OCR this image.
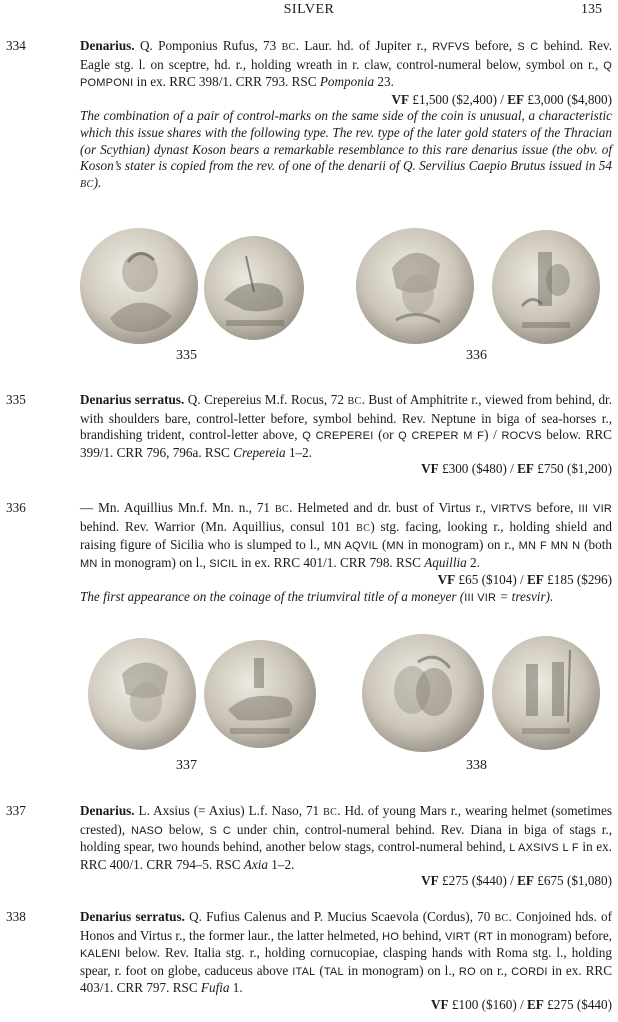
SILVER	135
334	Denarius. Q. Pomponius Rufus, 73 BC. Laur. hd. of Jupiter r., RVFVS before, S C behind. Rev. Eagle stg. l. on sceptre, hd. r., holding wreath in r. claw, control-numeral below, symbol on r., Q POMPONI in ex. RRC 398/1. CRR 793. RSC Pomponia 23.
VF £1,500 ($2,400) / EF £3,000 ($4,800)
The combination of a pair of control-marks on the same side of the coin is unusual, a characteristic which this issue shares with the following type. The rev. type of the later gold staters of the Thracian (or Scythian) dynast Koson bears a remarkable resemblance to this rare denarius issue (the obv. of Koson’s stater is copied from the rev. of one of the denarii of Q. Servilius Caepio Brutus issued in 54 BC).
335	336
335	Denarius serratus. Q. Crepereius M.f. Rocus, 72 BC. Bust of Amphitrite r., viewed from behind, dr. with shoulders bare, control-letter before, symbol behind. Rev. Neptune in biga of sea-horses r., brandishing trident, control-letter above, Q CREPEREI (or Q CREPER M F) / ROCVS below. RRC 399/1. CRR 796, 796a. RSC Crepereia 1–2.
VF £300 ($480) / EF £750 ($1,200)
336	— Mn. Aquillius Mn.f. Mn. n., 71 BC. Helmeted and dr. bust of Virtus r., VIRTVS before, III VIR behind. Rev. Warrior (Mn. Aquillius, consul 101 BC) stg. facing, looking r., holding shield and raising figure of Sicilia who is slumped to l., MN AQVIL (MN in monogram) on r., MN F MN N (both MN in monogram) on l., SICIL in ex. RRC 401/1. CRR 798. RSC Aquillia 2.
VF £65 ($104) / EF £185 ($296)
The first appearance on the coinage of the triumviral title of a moneyer (III VIR = tresvir).
337	338
337	Denarius. L. Axsius (= Axius) L.f. Naso, 71 BC. Hd. of young Mars r., wearing helmet (sometimes crested), NASO below, S C under chin, control-numeral behind. Rev. Diana in biga of stags r., holding spear, two hounds behind, another below stags, control-numeral behind, L AXSIVS L F in ex. RRC 400/1. CRR 794–5. RSC Axia 1–2.
VF £275 ($440) / EF £675 ($1,080)
338	Denarius serratus. Q. Fufius Calenus and P. Mucius Scaevola (Cordus), 70 BC. Conjoined hds. of Honos and Virtus r., the former laur., the latter helmeted, HO behind, VIRT (RT in monogram) before, KALENI below. Rev. Italia stg. r., holding cornucopiae, clasping hands with Roma stg. l., holding spear, r. foot on globe, caduceus above ITAL (TAL in monogram) on l., RO on r., CORDI in ex. RRC 403/1. CRR 797. RSC Fufia 1.
VF £100 ($160) / EF £275 ($440)
